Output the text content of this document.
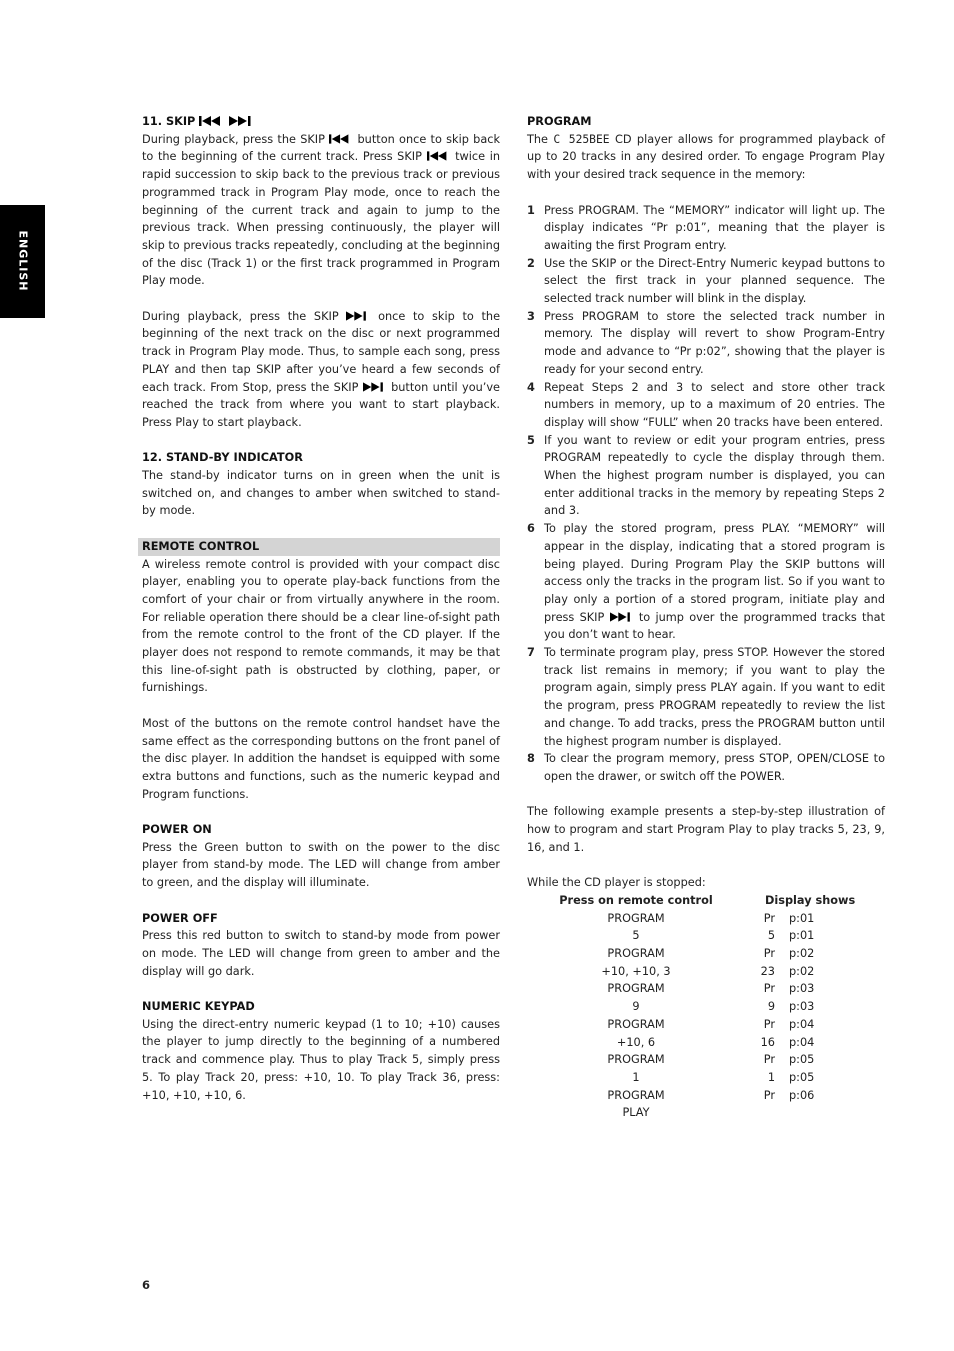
ENGLISH
11. SKIP

During playback, press the SKIP	button once to skip back to the beginning of the current track. Press SKIP	twice in rapid succession to skip back to the previous track or previous programmed track in Program Play mode, once to reach the beginning of the current track and again to jump to the previous track. When pressing continuously, the player will skip to previous tracks repeatedly, concluding at the beginning of the disc (Track 1) or the first track programmed in Program Play mode.

During playback, press the SKIP	once to skip to the beginning of the next track on the disc or next programmed track in Program Play mode. Thus, to sample each song, press PLAY and then tap SKIP after you’ve heard a few seconds of each track. From Stop, press the SKIP	button until you’ve reached the track from where you want to start playback. Press Play to start playback.

12. STAND-BY INDICATOR

The stand-by indicator turns on in green when the unit is switched on, and changes to amber when switched to stand-by mode.

REMOTE CONTROL

A wireless remote control is provided with your compact disc player, enabling you to operate play-back functions from the comfort of your chair or from virtually anywhere in the room. For reliable operation there should be a clear line-of-sight path from the remote control to the front of the CD player. If the player does not respond to remote commands, it may be that this line-of-sight path is obstructed by clothing, paper, or furnishings.

Most of the buttons on the remote control handset have the same effect as the corresponding buttons on the front panel of the disc player. In addition the handset is equipped with some extra buttons and functions, such as the numeric keypad and Program functions.

POWER ON

Press the Green button to swith on the power to the disc player from stand-by mode. The LED will change from amber to green, and the display will illuminate.

POWER OFF

Press this red button to switch to stand-by mode from power on mode. The LED will change from green to amber and the display will go dark.

NUMERIC KEYPAD

Using the direct-entry numeric keypad (1 to 10; +10) causes the player to jump directly to the beginning of a numbered track and commence play. Thus to play Track 5, simply press 5. To play Track 20, press: +10, 10. To play Track 36, press: +10, +10, +10, 6.

PROGRAM

The C 525BEE CD player allows for programmed playback of up to 20 tracks in any desired order. To engage Program Play with your desired track sequence in the memory:

1 Press PROGRAM. The “MEMORY” indicator will light up. The display indicates “Pr p:01”, meaning that the player is awaiting the first Program entry.
2 Use the SKIP or the Direct-Entry Numeric keypad buttons to select the first track in your planned sequence. The selected track number will blink in the display.
3 Press PROGRAM to store the selected track number in memory. The display will revert to show Program-Entry mode and advance to “Pr p:02”, showing that the player is ready for your second entry.
4 Repeat Steps 2 and 3 to select and store other track numbers in memory, up to a maximum of 20 entries. The display will show “FULL” when 20 tracks have been entered.
5 If you want to review or edit your program entries, press PROGRAM repeatedly to cycle the display through them. When the highest program number is displayed, you can enter additional tracks in the memory by repeating Steps 2 and 3.
6 To play the stored program, press PLAY. “MEMORY” will appear in the display, indicating that a stored program is being played. During Program Play the SKIP buttons will access only the tracks in the program list. So if you want to play only a portion of a stored program, initiate play and press SKIP	to jump over the programmed tracks that you don’t want to hear.
7 To terminate program play, press STOP. However the stored track list remains in memory; if you want to play the program again, simply press PLAY again. If you want to edit the program, press PROGRAM repeatedly to review the list and change. To add tracks, press the PROGRAM button until the highest program number is displayed.
8 To clear the program memory, press STOP, OPEN/CLOSE to open the drawer, or switch off the POWER.

The following example presents a step-by-step illustration of how to program and start Program Play to play tracks 5, 23, 9, 16, and 1.

While the CD player is stopped:
Press on remote control	Display shows
PROGRAM	Pr p:01
5	5 p:01
PROGRAM	Pr p:02
+10, +10, 3	23 p:02
PROGRAM	Pr p:03
9	9 p:03
PROGRAM	Pr p:04
+10, 6	16 p:04
PROGRAM	Pr p:05
1	1 p:05
PROGRAM	Pr p:06
PLAY	
6
